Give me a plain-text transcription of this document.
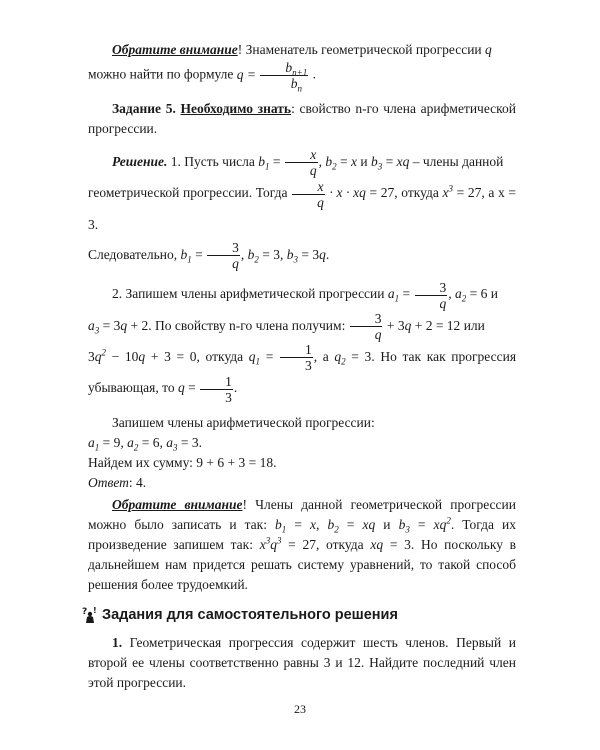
Обратите внимание! Знаменатель геометрической прогрессии q
можно найти по формуле $q = \frac{b_{n+1}}{b_n}$ .

Задание 5. Необходимо знать: свойство n-го члена арифметической прогрессии.

Решение. 1. Пусть числа $b_1 = \frac{x}{q}$ , $b_2 = x$ и $b_3$ = xq – члены данной
геометрической прогрессии. Тогда $\frac{x}{q} \cdot x$ · xq = 27, откуда $x^3 = 27$, а x = 3.
Следовательно, $b_1 = \frac{3}{q}$ , $b_2 = 3$, $b_3 = 3q$.

2. Запишем члены арифметической прогрессии $a_1 = \frac{3}{q}$ , $a_2 = 6$ и
$a_3 = 3q + 2$. По свойству n-го члена получим: $\frac{3}{q} + 3q + 2 = 12$ или
$3q^2 - 10q + 3 = 0$, откуда $q_1 = \frac{1}{3}$ , а $q_2 = 3$. Но так как прогрессия убывающая, то $q = \frac{1}{3}$ .

Запишем члены арифметической прогрессии:
$a_1 = 9$, $a_2 = 6$, $a_3 = 3$.
Найдем их сумму: 9 + 6 + 3 = 18.
Ответ: 4.

Обратите внимание! Члены данной геометрической прогрессии можно было записать и так: $b_1 = x$, $b_2$ = xq и $b_3 = xq^2$. Тогда их произведение запишем так: $x^3q^3 = 27$, откуда xq = 3. Но поскольку в дальнейшем нам придется решать систему уравнений, то такой способ решения более трудоемкий.

? ! Задания для самостоятельного решения

1. Геометрическая прогрессия содержит шесть членов. Первый и второй ее члены соответственно равны 3 и 12. Найдите последний член этой прогрессии.

23
